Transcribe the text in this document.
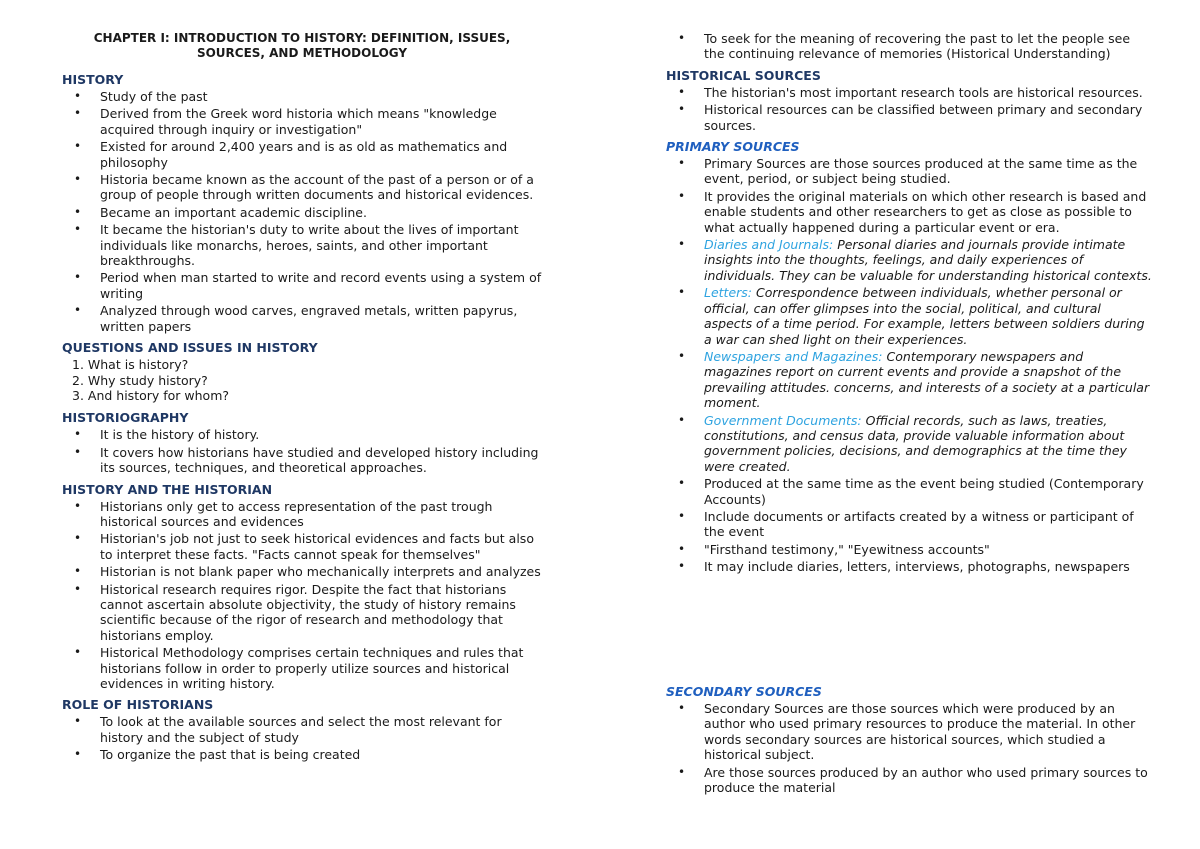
CHAPTER I: INTRODUCTION TO HISTORY: DEFINITION, ISSUES, SOURCES, AND METHODOLOGY
HISTORY
• Study of the past
• Derived from the Greek word historia which means "knowledge acquired through inquiry or investigation"
• Existed for around 2,400 years and is as old as mathematics and philosophy
• Historia became known as the account of the past of a person or of a group of people through written documents and historical evidences.
• Became an important academic discipline.
• It became the historian's duty to write about the lives of important individuals like monarchs, heroes, saints, and other important breakthroughs.
• Period when man started to write and record events using a system of writing
• Analyzed through wood carves, engraved metals, written papyrus, written papers
QUESTIONS AND ISSUES IN HISTORY
1. What is history?
2. Why study history?
3. And history for whom?
HISTORIOGRAPHY
• It is the history of history.
• It covers how historians have studied and developed history including its sources, techniques, and theoretical approaches.
HISTORY AND THE HISTORIAN
• Historians only get to access representation of the past trough historical sources and evidences
• Historian's job not just to seek historical evidences and facts but also to interpret these facts. "Facts cannot speak for themselves"
• Historian is not blank paper who mechanically interprets and analyzes
• Historical research requires rigor. Despite the fact that historians cannot ascertain absolute objectivity, the study of history remains scientific because of the rigor of research and methodology that historians employ.
• Historical Methodology comprises certain techniques and rules that historians follow in order to properly utilize sources and historical evidences in writing history.
ROLE OF HISTORIANS
• To look at the available sources and select the most relevant for history and the subject of study
• To organize the past that is being created
• To seek for the meaning of recovering the past to let the people see the continuing relevance of memories (Historical Understanding)
HISTORICAL SOURCES
• The historian's most important research tools are historical resources.
• Historical resources can be classified between primary and secondary sources.
PRIMARY SOURCES
• Primary Sources are those sources produced at the same time as the event, period, or subject being studied.
• It provides the original materials on which other research is based and enable students and other researchers to get as close as possible to what actually happened during a particular event or era.
• Diaries and Journals: Personal diaries and journals provide intimate insights into the thoughts, feelings, and daily experiences of individuals. They can be valuable for understanding historical contexts.
• Letters: Correspondence between individuals, whether personal or official, can offer glimpses into the social, political, and cultural aspects of a time period. For example, letters between soldiers during a war can shed light on their experiences.
• Newspapers and Magazines: Contemporary newspapers and magazines report on current events and provide a snapshot of the prevailing attitudes. concerns, and interests of a society at a particular moment.
• Government Documents: Official records, such as laws, treaties, constitutions, and census data, provide valuable information about government policies, decisions, and demographics at the time they were created.
• Produced at the same time as the event being studied (Contemporary Accounts)
• Include documents or artifacts created by a witness or participant of the event
• "Firsthand testimony," "Eyewitness accounts"
• It may include diaries, letters, interviews, photographs, newspapers
SECONDARY SOURCES
• Secondary Sources are those sources which were produced by an author who used primary resources to produce the material. In other words secondary sources are historical sources, which studied a historical subject.
• Are those sources produced by an author who used primary sources to produce the material
